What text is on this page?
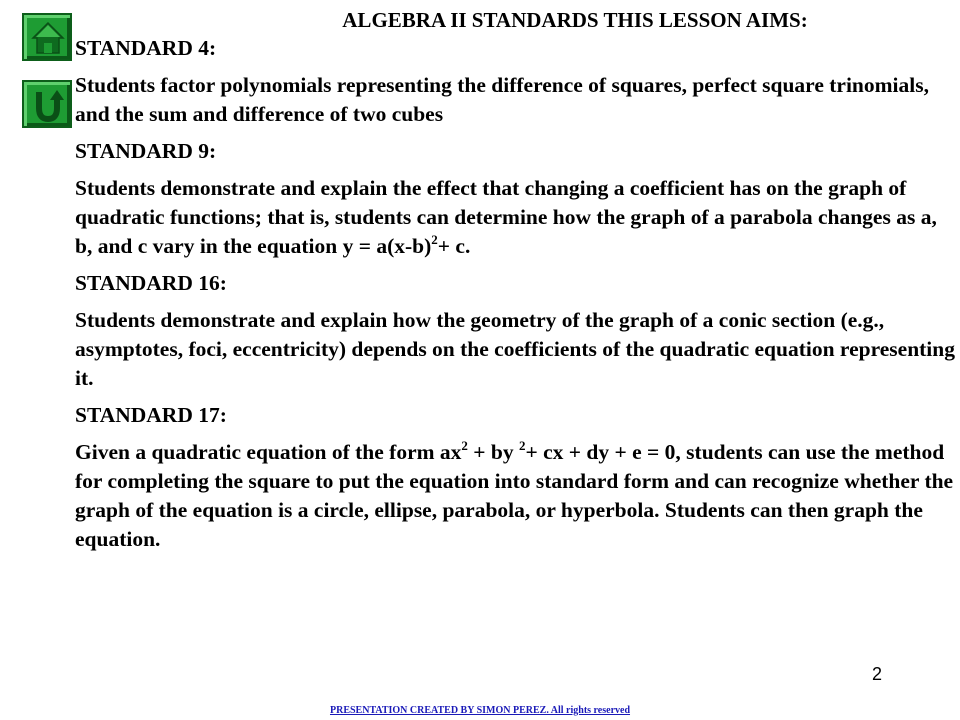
ALGEBRA II STANDARDS THIS LESSON AIMS:

STANDARD 4:

Students factor polynomials representing the difference of squares, perfect square trinomials, and the sum and difference of two cubes

STANDARD 9:

Students demonstrate and explain the effect that changing a coefficient has on the graph of quadratic functions; that is, students can determine how the graph of a parabola changes as a, b, and c vary in the equation $y = a(x-b)^2+ c$.

STANDARD 16:

Students demonstrate and explain how the geometry of the graph of a conic section (e.g., asymptotes, foci, eccentricity) depends on the coefficients of the quadratic equation representing it.

STANDARD 17:

Given a quadratic equation of the form $ax^2$ + by $^2$+ cx + dy + e = 0, students can use the method for completing the square to put the equation into standard form and can recognize whether the graph of the equation is a circle, ellipse, parabola, or hyperbola. Students can then graph the equation.

2
PRESENTATION CREATED BY SIMON PEREZ. All rights reserved
